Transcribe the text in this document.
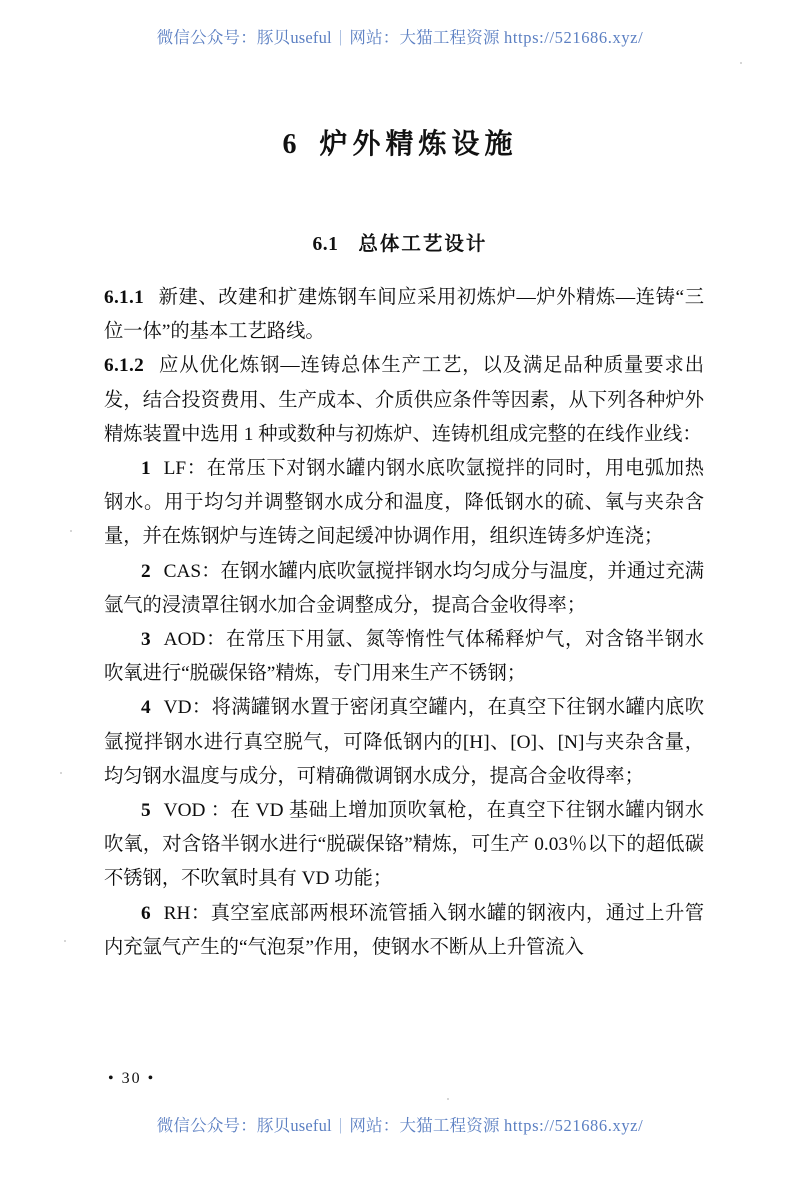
微信公众号：豚贝useful | 网站：大猫工程资源 https://521686.xyz/
6 炉外精炼设施
6.1 总体工艺设计

6.1.1 新建、改建和扩建炼钢车间应采用初炼炉—炉外精炼—连铸“三位一体”的基本工艺路线。

6.1.2 应从优化炼钢—连铸总体生产工艺，以及满足品种质量要求出发，结合投资费用、生产成本、介质供应条件等因素，从下列各种炉外精炼装置中选用 1 种或数种与初炼炉、连铸机组成完整的在线作业线：

1 LF：在常压下对钢水罐内钢水底吹氩搅拌的同时，用电弧加热钢水。用于均匀并调整钢水成分和温度，降低钢水的硫、氧与夹杂含量，并在炼钢炉与连铸之间起缓冲协调作用，组织连铸多炉连浇；

2 CAS：在钢水罐内底吹氩搅拌钢水均匀成分与温度，并通过充满氩气的浸渍罩往钢水加合金调整成分，提高合金收得率；

3 AOD：在常压下用氩、氮等惰性气体稀释炉气，对含铬半钢水吹氧进行“脱碳保铬”精炼，专门用来生产不锈钢；

4 VD：将满罐钢水置于密闭真空罐内，在真空下往钢水罐内底吹氩搅拌钢水进行真空脱气，可降低钢内的[H]、[O]、[N]与夹杂含量，均匀钢水温度与成分，可精确微调钢水成分，提高合金收得率；

5 VOD ：在 VD 基础上增加顶吹氧枪，在真空下往钢水罐内钢水吹氧，对含铬半钢水进行“脱碳保铬”精炼，可生产 0.03％以下的超低碳不锈钢，不吹氧时具有 VD 功能；

6 RH：真空室底部两根环流管插入钢水罐的钢液内，通过上升管内充氩气产生的“气泡泵”作用，使钢水不断从上升管流入

• 30 •
微信公众号：豚贝useful | 网站：大猫工程资源 https://521686.xyz/
